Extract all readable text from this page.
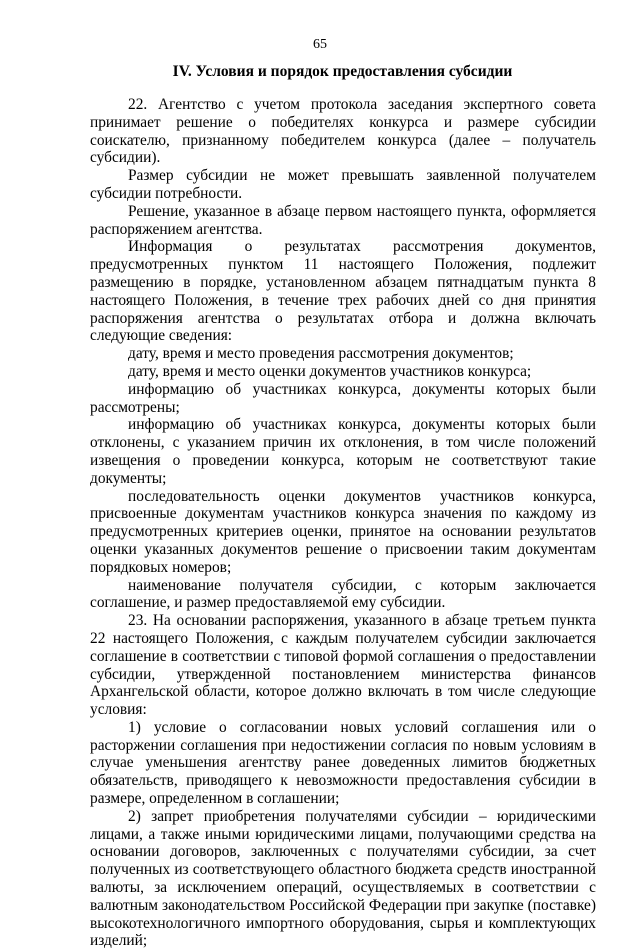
65
IV. Условия и порядок предоставления субсидии

22. Агентство с учетом протокола заседания экспертного совета принимает решение о победителях конкурса и размере субсидии соискателю, признанному победителем конкурса (далее – получатель субсидии).

Размер субсидии не может превышать заявленной получателем субсидии потребности.

Решение, указанное в абзаце первом настоящего пункта, оформляется распоряжением агентства.

Информация о результатах рассмотрения документов, предусмотренных пунктом 11 настоящего Положения, подлежит размещению в порядке, установленном абзацем пятнадцатым пункта 8 настоящего Положения, в течение трех рабочих дней со дня принятия распоряжения агентства о результатах отбора и должна включать следующие сведения:

дату, время и место проведения рассмотрения документов;

дату, время и место оценки документов участников конкурса;

информацию об участниках конкурса, документы которых были рассмотрены;

информацию об участниках конкурса, документы которых были отклонены, с указанием причин их отклонения, в том числе положений извещения о проведении конкурса, которым не соответствуют такие документы;

последовательность оценки документов участников конкурса, присвоенные документам участников конкурса значения по каждому из предусмотренных критериев оценки, принятое на основании результатов оценки указанных документов решение о присвоении таким документам порядковых номеров;

наименование получателя субсидии, с которым заключается соглашение, и размер предоставляемой ему субсидии.

23. На основании распоряжения, указанного в абзаце третьем пункта 22 настоящего Положения, с каждым получателем субсидии заключается соглашение в соответствии с типовой формой соглашения о предоставлении субсидии, утвержденной постановлением министерства финансов Архангельской области, которое должно включать в том числе следующие условия:

1) условие о согласовании новых условий соглашения или о расторжении соглашения при недостижении согласия по новым условиям в случае уменьшения агентству ранее доведенных лимитов бюджетных обязательств, приводящего к невозможности предоставления субсидии в размере, определенном в соглашении;

2) запрет приобретения получателями субсидии – юридическими лицами, а также иными юридическими лицами, получающими средства на основании договоров, заключенных с получателями субсидии, за счет полученных из соответствующего областного бюджета средств иностранной валюты, за исключением операций, осуществляемых в соответствии с валютным законодательством Российской Федерации при закупке (поставке) высокотехнологичного импортного оборудования, сырья и комплектующих изделий;
